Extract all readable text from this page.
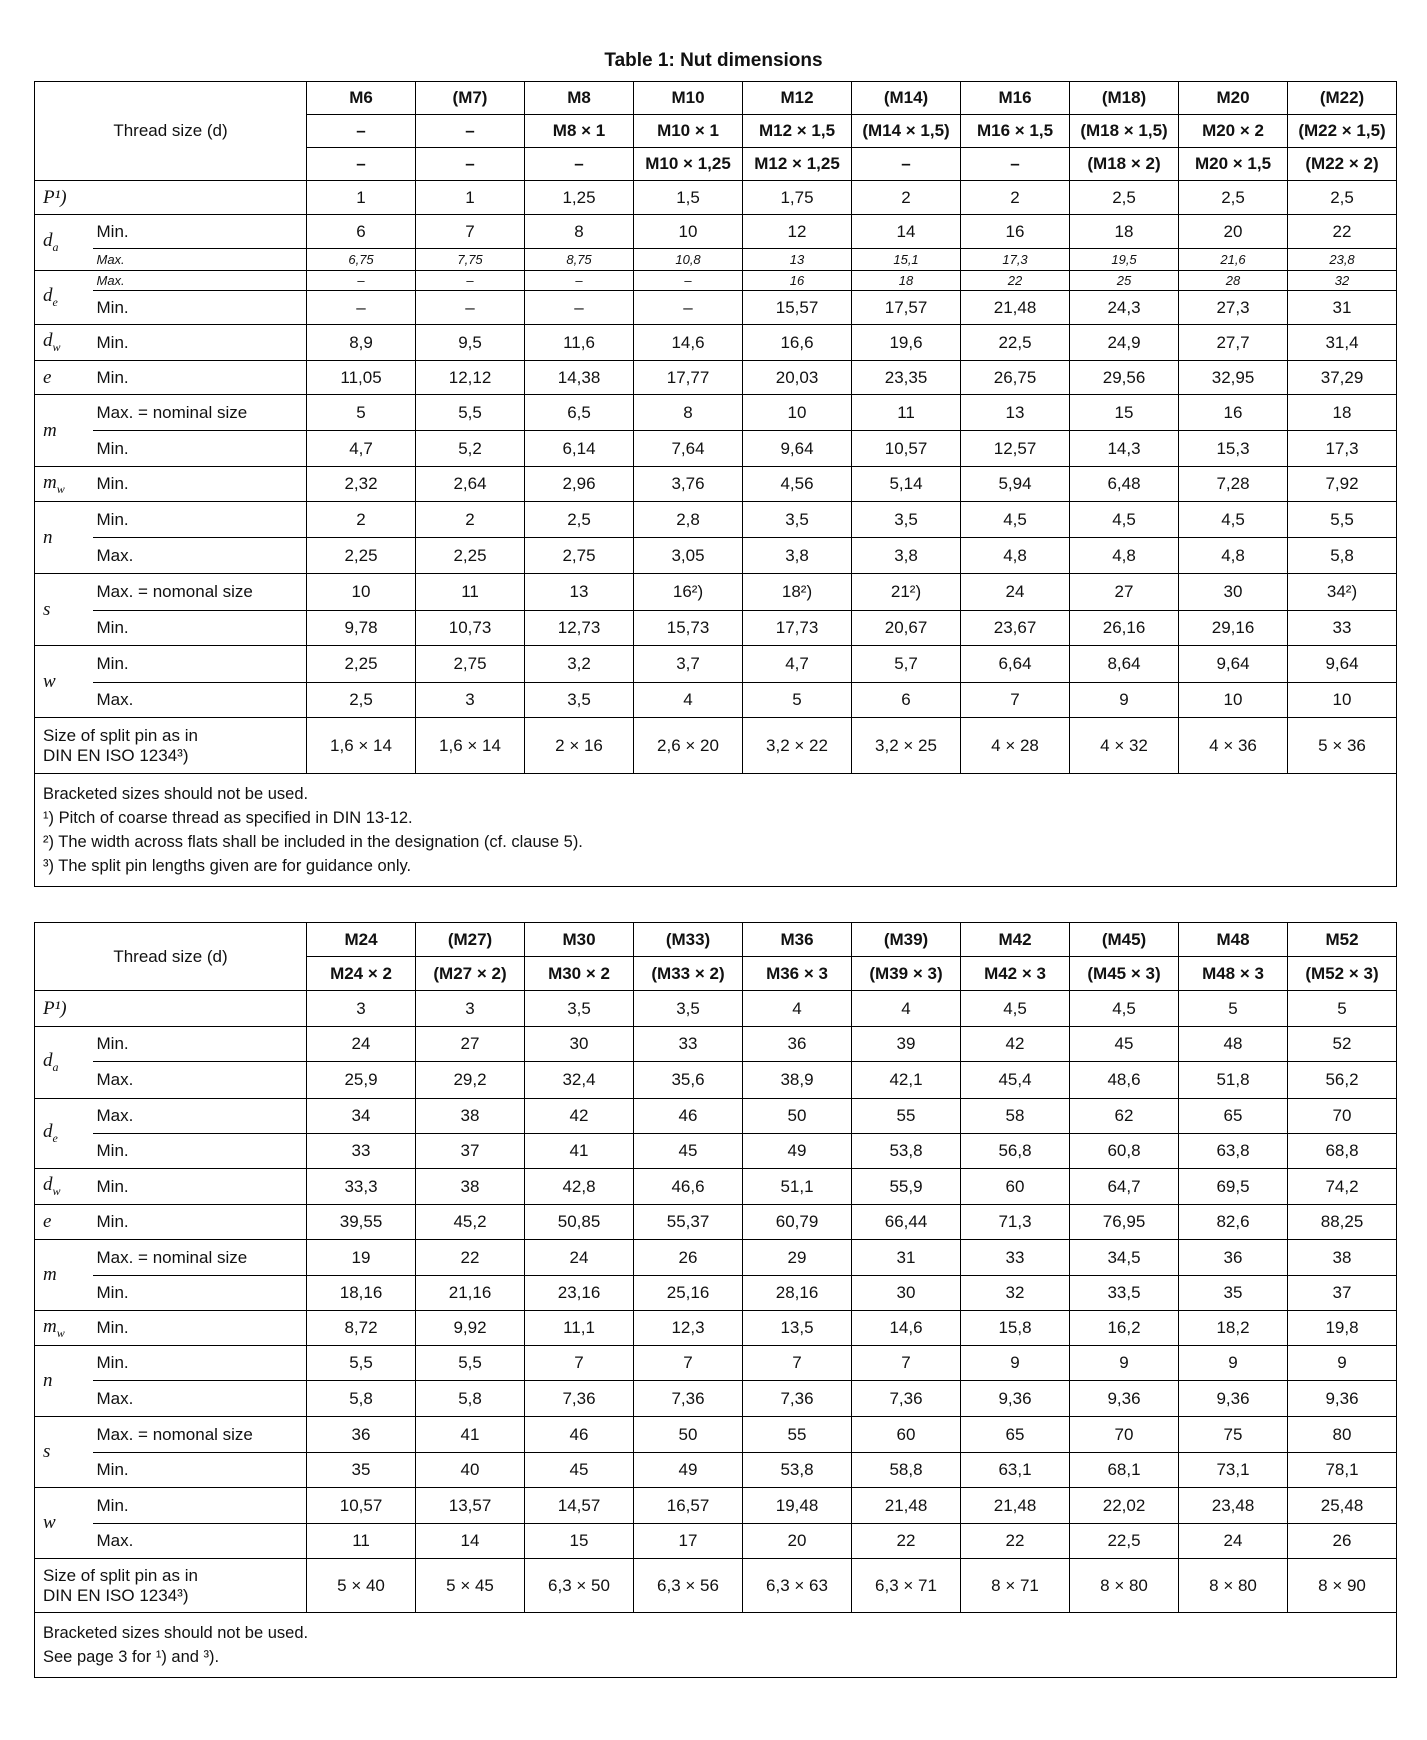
Table 1: Nut dimensions
Thread size (d)		M6	(M7)	M8	M10	M12	(M14)	M16	(M18)	M20	(M22)
		–	–	M8 × 1	M10 × 1	M12 × 1,5	(M14 × 1,5)	M16 × 1,5	(M18 × 1,5)	M20 × 2	(M22 × 1,5)
		–	–	–	M10 × 1,25	M12 × 1,25	–	–	(M18 × 2)	M20 × 1,5	(M22 × 2)
P¹)		1	1	1,25	1,5	1,75	2	2	2,5	2,5	2,5
$d_a$	Min.	6	7	8	10	12	14	16	18	20	22
	Max.	6,75	7,75	8,75	10,8	13	15,1	17,3	19,5	21,6	23,8
$d_e$	Max.	–	–	–	–	16	18	22	25	28	32
	Min.	–	–	–	–	15,57	17,57	21,48	24,3	27,3	31
$d_w$	Min.	8,9	9,5	11,6	14,6	16,6	19,6	22,5	24,9	27,7	31,4
e	Min.	11,05	12,12	14,38	17,77	20,03	23,35	26,75	29,56	32,95	37,29
m	Max. = nominal size	5	5,5	6,5	8	10	11	13	15	16	18
	Min.	4,7	5,2	6,14	7,64	9,64	10,57	12,57	14,3	15,3	17,3
$m_w$	Min.	2,32	2,64	2,96	3,76	4,56	5,14	5,94	6,48	7,28	7,92
n	Min.	2	2	2,5	2,8	3,5	3,5	4,5	4,5	4,5	5,5
	Max.	2,25	2,25	2,75	3,05	3,8	3,8	4,8	4,8	4,8	5,8
s	Max. = nomonal size	10	11	13	16²)	18²)	21²)	24	27	30	34²)
	Min.	9,78	10,73	12,73	15,73	17,73	20,67	23,67	26,16	29,16	33
w	Min.	2,25	2,75	3,2	3,7	4,7	5,7	6,64	8,64	9,64	9,64
	Max.	2,5	3	3,5	4	5	6	7	9	10	10

Size of split pin as in
DIN EN ISO 1234³)		1,6 × 14	1,6 × 14	2 × 16	2,6 × 20	3,2 × 22	3,2 × 25	4 × 28	4 × 32	4 × 36	5 × 36

Bracketed sizes should not be used.
¹) Pitch of coarse thread as specified in DIN 13-12.
²) The width across flats shall be included in the designation (cf. clause 5).
³) The split pin lengths given are for guidance only.											
Thread size (d)		M24	(M27)	M30	(M33)	M36	(M39)	M42	(M45)	M48	M52
		M24 × 2	(M27 × 2)	M30 × 2	(M33 × 2)	M36 × 3	(M39 × 3)	M42 × 3	(M45 × 3)	M48 × 3	(M52 × 3)
P¹)		3	3	3,5	3,5	4	4	4,5	4,5	5	5
$d_a$	Min.	24	27	30	33	36	39	42	45	48	52
	Max.	25,9	29,2	32,4	35,6	38,9	42,1	45,4	48,6	51,8	56,2
$d_e$	Max.	34	38	42	46	50	55	58	62	65	70
	Min.	33	37	41	45	49	53,8	56,8	60,8	63,8	68,8
$d_w$	Min.	33,3	38	42,8	46,6	51,1	55,9	60	64,7	69,5	74,2
e	Min.	39,55	45,2	50,85	55,37	60,79	66,44	71,3	76,95	82,6	88,25
m	Max. = nominal size	19	22	24	26	29	31	33	34,5	36	38
	Min.	18,16	21,16	23,16	25,16	28,16	30	32	33,5	35	37
$m_w$	Min.	8,72	9,92	11,1	12,3	13,5	14,6	15,8	16,2	18,2	19,8
n	Min.	5,5	5,5	7	7	7	7	9	9	9	9
	Max.	5,8	5,8	7,36	7,36	7,36	7,36	9,36	9,36	9,36	9,36
s	Max. = nomonal size	36	41	46	50	55	60	65	70	75	80
	Min.	35	40	45	49	53,8	58,8	63,1	68,1	73,1	78,1
w	Min.	10,57	13,57	14,57	16,57	19,48	21,48	21,48	22,02	23,48	25,48
	Max.	11	14	15	17	20	22	22	22,5	24	26

Size of split pin as in
DIN EN ISO 1234³)		5 × 40	5 × 45	6,3 × 50	6,3 × 56	6,3 × 63	6,3 × 71	8 × 71	8 × 80	8 × 80	8 × 90

Bracketed sizes should not be used.
See page 3 for ¹) and ³).											
